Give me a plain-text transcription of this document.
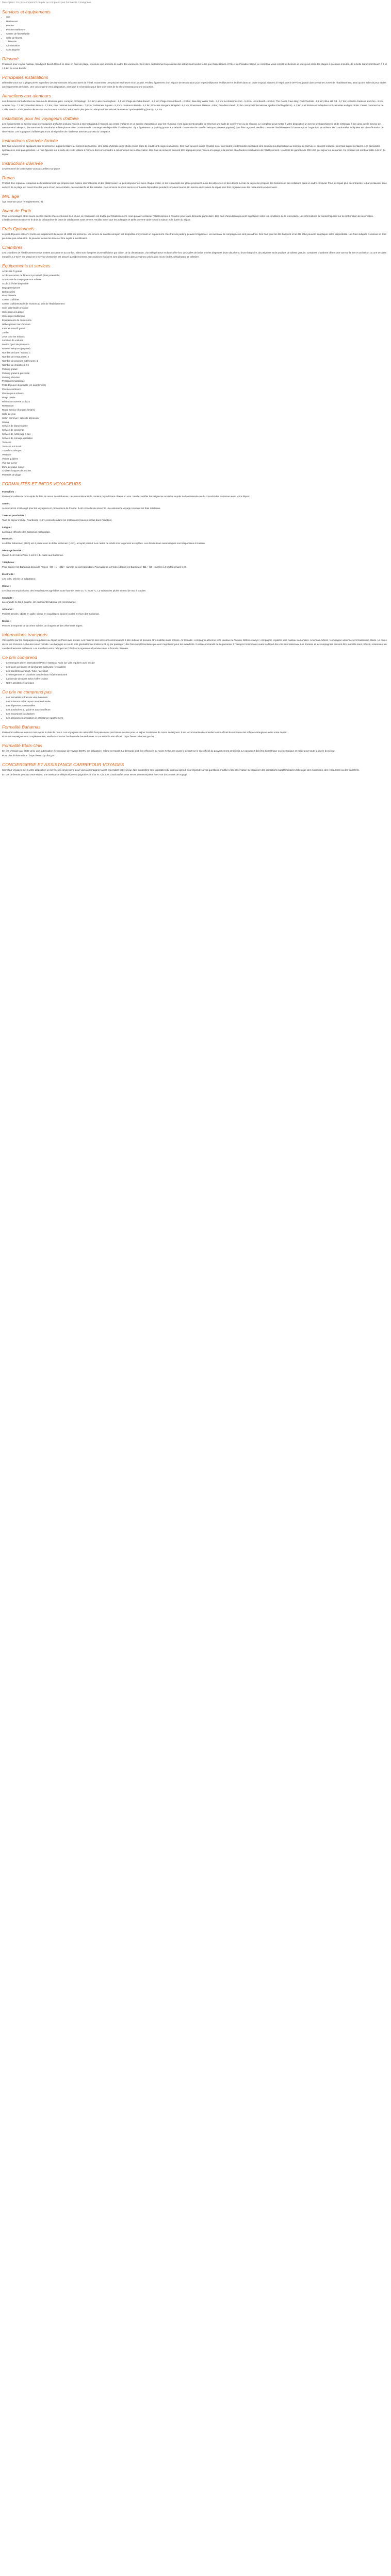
Description: Ce prix comprend / Ce prix ne comprend pas Formalités Consignées
Services et équipements
• Wifi
• Restaurant
• Piscine
• Piscine extérieure
• Centre de fitness/salle
• Salle de fitness
• Télévision
• Climatisation
• Conciergerie
Résumé

Pratiquez pour voyeur Nassau, Sandyport Beach Resort se situe en bord de plage, et assure une amenité de cadre des vacances. Il est donc certainement à proximité des attractions locales telles que Cable Beach et l'île et de Paradise Island. Le complexe vous remplit les besoins et vous peut sortir des plages à quelques minutes, de la belle Sandyport Beach à 4 et 1,5 km du Love Beach.

Principales installations

Détendez-vous sur la plage privée et profitez des nombreuses infrastructures de l'hôtel, notamment une piscine extérieure et un jacuzzi. Profitez également d'un espace de restauration pour le petit-déjeuner, le déjeuner et le dîner dans un cadre tropical. Gardez à l'esprit que le Wi-Fi est gratuit dans certaines zones de l'établissement, ainsi qu'une salle de jeux et des aménagements de loisirs. Une conciergerie est à disposition, ainsi que le nécessaire pour faire une visite de la ville de Nassau ou une excursion.

Attractions aux alentours

Les distances sont affichées au dixième de kilomètre près. Lucayan Archipelago - 0,1 km; Lake Cunningham - 2,1 km; Plage de Cable Beach - 2,2 km; Plage Caves Beach - 2,3 km; Baie Bay Water Park - 3,4 km; Le Bahamas Zoo - 5,4 km; Love Beach - 6,5 km; The Caves Cave Bay; Fort Charlotte - 5,6 km; Blue Hill Rd - 5,7 km; Ardastra Gardens and Zoo - 6 km; Arawak Cay - 7,1 km; Saunders Beach - 7,3 km; Parc national des Bahamas - 7,4 km; Parliament Square - 8,1 km; Junkanoo Beach - 8,2 km; Princess Margaret Hospital - 8,6 km; Downtown Nassau - 9 km; Paradise Island - 12 km. Aéroport international Lynden Pindling (NAS) - 4,2 km. Les distances indiquées sont calculées en ligne droite. Centre commercial de Cable Beach - 4 km; Marina de Nassau Yacht Haven - 8,8 km; Aéroport le plus proche: Aéroport international de Nassau Lynden Pindling (NAS) - 4,2 km

Installation pour les voyageurs d'affaire

Les équipements de service pour les voyageurs d'affaires incluent l'accès à Internet gratuit à l'accueil, un centre d'affaires et un service d'assistance pour les réunions. Il est également possible de réserver une salle de conférence ou de réunion. Le complexe peut mettre à votre disposition un service de blanchisserie et de nettoyage à sec ainsi que le service de navette vers l'aéroport, des services de secrétariat et bien plus encore. Le service de concierge est disponible à la réception. Il y a également un parking gratuit à proximité. Un service de transfert aéroport (navette payante) peut être organisé; veuillez contacter l'établissement à l'avance pour l'organiser, en utilisant les coordonnées indiquées sur la confirmation de réservation. Les voyageurs d'affaires pourront ainsi profiter de nombreux services au sein du complexe.

Instructions d'arrivée Arrivée

Des frais peuvent être appliqués pour le personnel supplémentaire au moment de l'arrivée. Une pièce d'identité avec photo et une carte de crédit sont exigées à l'arrivée. Ces frais peuvent varier. Veuillez noter que toutes les demandes spéciales sont soumises à disponibilité au moment de l'arrivée et peuvent entraîner des frais supplémentaires. Les demandes spéciales ne sont pas garanties. Le nom figurant sur la carte de crédit utilisée à l'arrivée doit correspondre à celui indiqué sur la réservation. Des frais de services peuvent être appliqués pour l'accès à la plage, à la piscine et à d'autres installations de l'établissement. Un dépôt de garantie de 200 USD par séjour est demandé. Ce montant est remboursable à la fin du séjour.

Instructions d'arrivée

Le personnel de la réception vous accueillera sur place.

Repas

Profitez d'un repas au restaurant de l'établissement, qui propose une cuisine internationale et des plats locaux. Le petit-déjeuner est servi chaque matin, et les restaurants sur place proposent aussi des déjeuners et des dîners. Le bar de la piscine propose des boissons et des collations dans un cadre convivial. Pour les repas plus décontractés, le bar-restaurant situé au bord de la plage est ouvert tous les jours et sert des cocktails, des sandwichs et des salades. Des services de room service sont aussi disponibles pendant certaines heures. Un service de livraison de repas peut être organisé avec les restaurants environnants.

Min. age

Âge minimum pour l'enregistrement: 21

Avant de Partir

Pour les messages et les suivis que les clients effectuent avant leur séjour, la réservation est traitée par l'établissement. Vous pouvez contacter l'établissement à l'avance pour toute demande particulière. Des frais d'annulation peuvent s'appliquer selon les conditions de la réservation. Les informations de contact figurent sur la confirmation de réservation. L'établissement se réserve le droit de préautoriser la carte de crédit avant votre arrivée. Veuillez noter que les politiques et tarifs peuvent varier selon la saison et la durée du séjour.

Frais Optionnels

Le petit-déjeuner est servi contre un supplément d'environ 15 USD par personne. Un service de navette aéroport est disponible moyennant un supplément. Des frais de parking peuvent s'appliquer. Les animaux de compagnie ne sont pas admis. Des frais pour les lits d'appoint et les lits bébé peuvent s'appliquer selon disponibilité. Les frais indiqués ci-dessus ne sont peut-être pas exhaustifs. Ils peuvent inclure les taxes et être sujets à modification.

Chambres

Les chambres de l'établissement vous invitent au calme et au confort. Elles sont équipées d'une télévision par câble, de la climatisation, d'un réfrigérateur et d'un coffre-fort. Les salles de bains privées disposent d'une douche ou d'une baignoire, de peignoirs et de produits de toilette gratuits. Certaines chambres offrent une vue sur la mer et un balcon ou une terrasse meublée. Le Wi-Fi est gratuit et le service d'entretien est assuré quotidiennement. Des cuisines équipées sont disponibles dans certaines unités avec micro-ondes, réfrigérateur et cafetière.

Équipements et services
Accès Wi-Fi gratuit
Accès au centre de fitness à proximité (frais potentiels)
Admission de compagnie non admise
Accès à l'hôtel disponible
Bagagerie/groom
Barbecue(s)
Blanchisserie
Centre d'affaires
Centre d'affaires/salle de réunion au sein de l'établissement
Coin salon/salle privative
Concierge à la plage
Concierge multilingue
Équipements de conférence
Hébergement non-fumeurs
Internet sans-fil gratuit
Jardin
Jeux pour les enfants
Location de voitures
Marina / port de plaisance
Navette aéroport (payante)
Nombre de bars / salons: 1
Nombre de restaurants: 2
Nombre de piscines extérieures: 1
Nombre de chambres: 74
Parking gratuit
Parking gratuit à proximité
Parking sécurisé
Personnel multilingue
Petit-déjeuner disponible (en supplément)
Piscine extérieure
Piscine pour enfants
Plage privée
Réception ouverte 24 h/24
Restaurant
Room service (horaires limités)
Salle de jeux
Salon commun / salle de télévision
Sauna
Service de blanchisserie
Service de concierge
Service de nettoyage à sec
Service de ménage quotidien
Terrasse
Terrasse sur le toit
Transferts aéroport
Vestiaire
Visites guidées
Vue sur la mer
Zone de pique-nique
Chaises longues de piscine
Parasols de plage
FORMALITÉS ET INFOS VOYAGEURS

Formalités :

Passeport valide six mois après la date de retour des Bahamas. Les ressortissants de certains pays doivent obtenir un visa. Veuillez vérifier les exigences actuelles auprès de l'ambassade ou du consulat des Bahamas avant votre départ.

Santé :

Aucun vaccin n'est exigé pour les voyageurs en provenance de France. Il est conseillé de souscrire une assurance voyage couvrant les frais médicaux.

Taxes et pourboires :

Taxe de séjour incluse. Pourboires : 15 % conseillés dans les restaurants (souvent inclus dans l'addition).

Langue :

La langue officielle des Bahamas est l'anglais.

Monnaie :

Le dollar bahaméen (BSD) est à parité avec le dollar américain (USD), accepté partout. Les cartes de crédit sont largement acceptées. Les distributeurs automatiques sont disponibles à Nassau.

Décalage horaire :

Quand il est midi à Paris, il est 6 h du matin aux Bahamas.

Téléphone :

Pour appeler les Bahamas depuis la France : 00 + 1 + 242 + numéro du correspondant. Pour appeler la France depuis les Bahamas : 011 + 33 + numéro à 9 chiffres (sans le 0).

Électricité :

120 volts, prévoir un adaptateur.

Climat :

Le climat est tropical avec des températures agréables toute l'année, entre 21 °C et 30 °C. La saison des pluies s'étend de mai à octobre.

Conduite :

La conduite se fait à gauche. Un permis international est recommandé.

Artisanat :

Paniers tressés, objets en paille, bijoux en coquillages, épices locales et rhum des Bahamas.

Divers :

Pensez à emporter de la crème solaire, un chapeau et des vêtements légers.

Informations transports

Vols opérés par les compagnies régulières au départ de Paris avec escale. Les horaires des vols sont communiqués à titre indicatif et peuvent être modifiés sans préavis. Air Canada : compagnie aérienne vers Nassau via Toronto. British Airways : compagnie régulière vers Nassau via Londres. American Airlines : compagnie aérienne vers Nassau via Miami. La durée de vol est d'environ 14 heures selon l'escale. Les bagages en soute sont généralement limités à 23 kg par passager ; des frais supplémentaires peuvent s'appliquer pour les excédents. Il est recommandé de se présenter à l'aéroport trois heures avant le départ des vols internationaux. Les horaires et les compagnies peuvent être modifiés sans préavis, notamment en cas d'événements extérieurs. Les transferts entre l'aéroport et l'hôtel sont organisés à l'arrivée selon la formule réservée.

Ce prix comprend
• Le transport aérien international Paris / Nassau / Paris sur vols réguliers avec escale
• Les taxes aériennes et surcharges carburant (révisables)
• Les transferts aéroport / hôtel / aéroport
• L'hébergement en chambre double dans l'hôtel mentionné
• La formule de repas selon l'offre choisie
• Notre assistance sur place
Ce prix ne comprend pas
• Les formalités et frais de visa éventuels
• Les boissons et les repas non mentionnés
• Les dépenses personnelles
• Les pourboires au guide et aux chauffeurs
• Les excursions facultatives
• Les assurances annulation et assistance rapatriement
Formalité Bahamas

Passeport valide au moins 6 mois après la date de retour. Les voyageurs de nationalité française n'ont pas besoin de visa pour un séjour touristique de moins de 90 jours. Il est recommandé de consulter le site officiel du ministère des Affaires étrangères avant votre départ.

Pour tout renseignement complémentaire, veuillez contacter l'ambassade des Bahamas ou consulter le site officiel : https://www.bahamas.gov.bs

Formalité Etats-Unis

En cas d'escale aux États-Unis, une autorisation électronique de voyage (ESTA) est obligatoire, même en transit. La demande doit être effectuée au moins 72 heures avant le départ sur le site officiel du gouvernement américain. Le passeport doit être biométrique ou électronique et valide pour toute la durée du séjour.

Pour plus d'informations : https://esta.cbp.dhs.gov

CONCIERGERIE ET ASSISTANCE CARREFOUR VOYAGES

Carrefour Voyages met à votre disposition un service de conciergerie pour vous accompagner avant et pendant votre séjour. Nos conseillers sont joignables du lundi au samedi pour répondre à vos questions, modifier votre réservation ou organiser des prestations supplémentaires telles que des excursions, des restaurants ou des transferts.

En cas de besoin pendant votre séjour, une assistance téléphonique est joignable 24 h/24 et 7 j/7. Les coordonnées vous seront communiquées avec vos documents de voyage.
